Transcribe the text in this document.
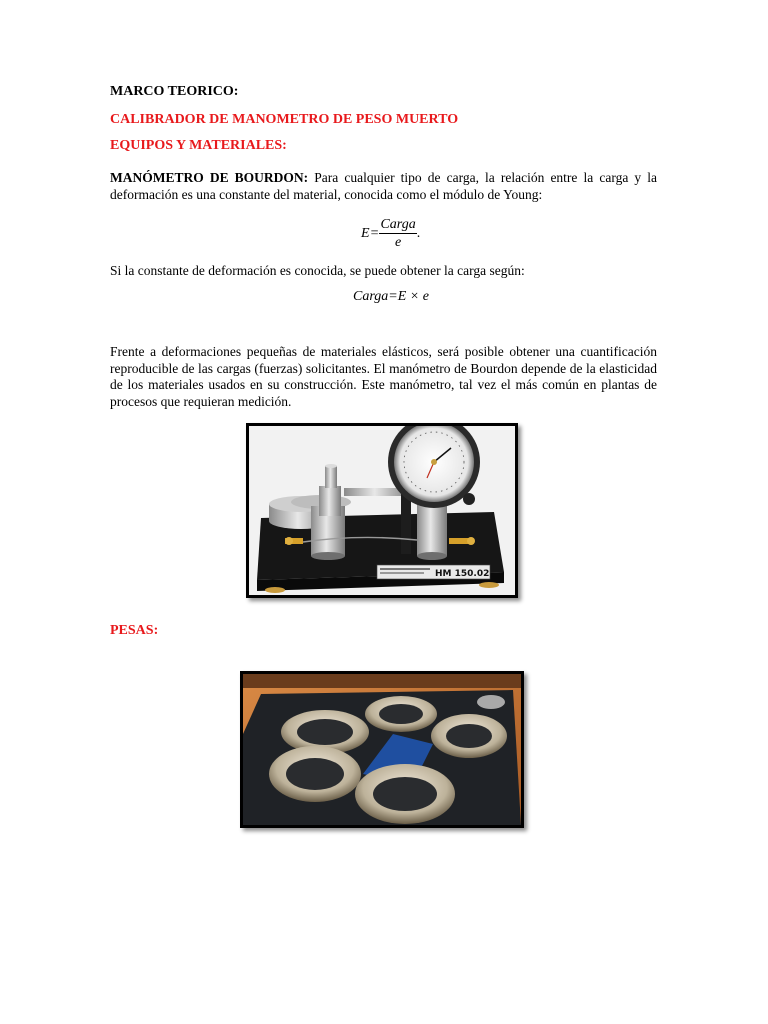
MARCO TEORICO:
CALIBRADOR DE MANOMETRO DE PESO MUERTO
EQUIPOS Y MATERIALES:
MANÓMETRO DE BOURDON: Para cualquier tipo de carga, la relación entre la carga y la deformación es una constante del material, conocida como el módulo de Young:
E =
Carga
e
.
Si la constante de deformación es conocida, se puede obtener la carga según:
Carga=E × e
Frente a deformaciones pequeñas de materiales elásticos, será posible obtener una cuantificación reproducible de las cargas (fuerzas) solicitantes. El manómetro de Bourdon depende de la elasticidad de los materiales usados en su construcción. Este manómetro, tal vez el más común en plantas de procesos que requieran medición.
HM 150.02
PESAS:
